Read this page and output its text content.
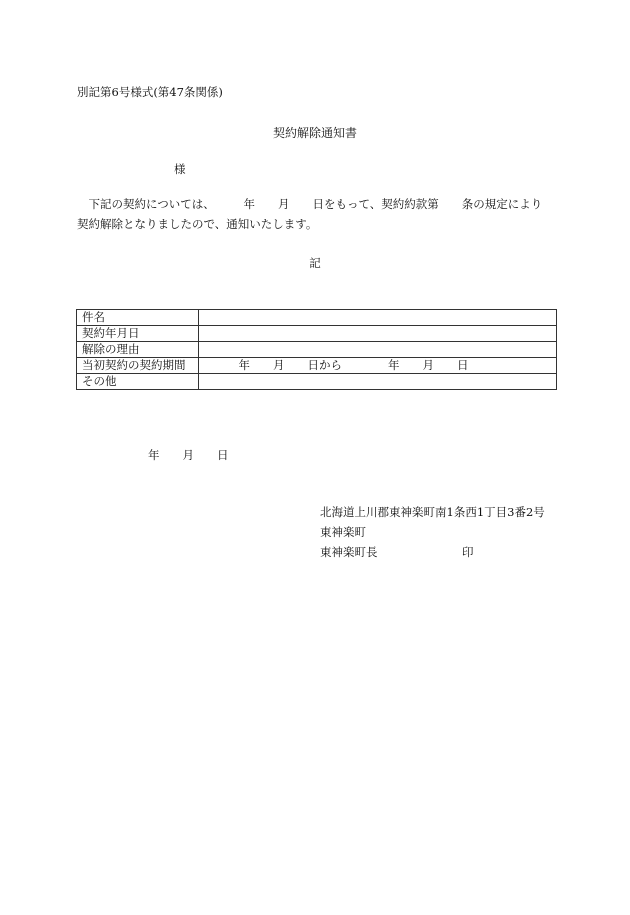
別記第6号様式(第47条関係)
契約解除通知書
様
　下記の契約については、　　　年　　月　　日をもって、契約約款第　　条の規定により
契約解除となりましたので、通知いたします。
記
件名	
契約年月日	
解除の理由	
当初契約の契約期間	　　　年　　月　　日から　　　　年　　月　　日
その他	
年　　月　　日
北海道上川郡東神楽町南1条西1丁目3番2号
東神楽町
東神楽町長	印
